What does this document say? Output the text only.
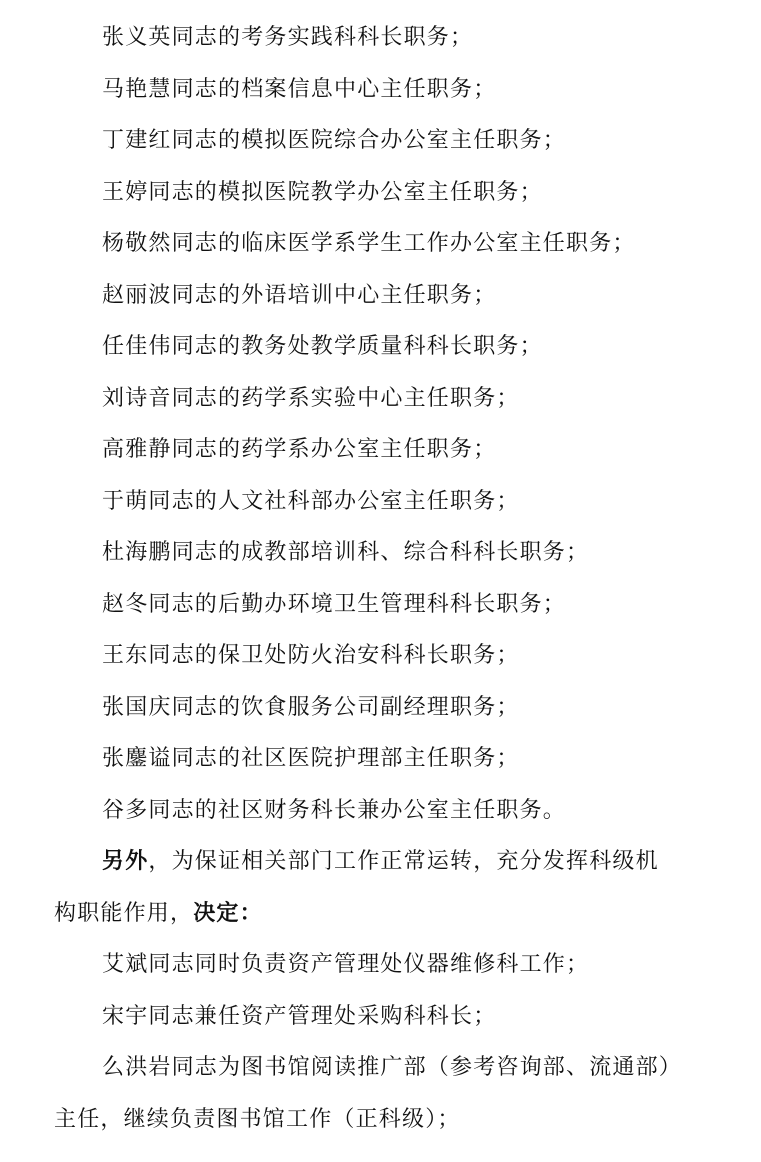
张义英同志的考务实践科科长职务；
马艳慧同志的档案信息中心主任职务；
丁建红同志的模拟医院综合办公室主任职务；
王婷同志的模拟医院教学办公室主任职务；
杨敬然同志的临床医学系学生工作办公室主任职务；
赵丽波同志的外语培训中心主任职务；
任佳伟同志的教务处教学质量科科长职务；
刘诗音同志的药学系实验中心主任职务；
高雅静同志的药学系办公室主任职务；
于萌同志的人文社科部办公室主任职务；
杜海鹏同志的成教部培训科、综合科科长职务；
赵冬同志的后勤办环境卫生管理科科长职务；
王东同志的保卫处防火治安科科长职务；
张国庆同志的饮食服务公司副经理职务；
张鏖谥同志的社区医院护理部主任职务；
谷多同志的社区财务科长兼办公室主任职务。
另外，为保证相关部门工作正常运转，充分发挥科级机
构职能作用，决定：
艾斌同志同时负责资产管理处仪器维修科工作；
宋宇同志兼任资产管理处采购科科长；
么洪岩同志为图书馆阅读推广部（参考咨询部、流通部）
主任，继续负责图书馆工作（正科级）；
